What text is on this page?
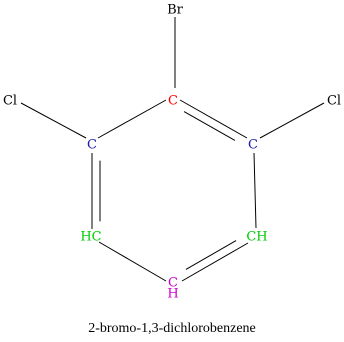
Br
Cl	Cl
C
C	C
HC	CH
C
H
2-bromo-1,3-dichlorobenzene
